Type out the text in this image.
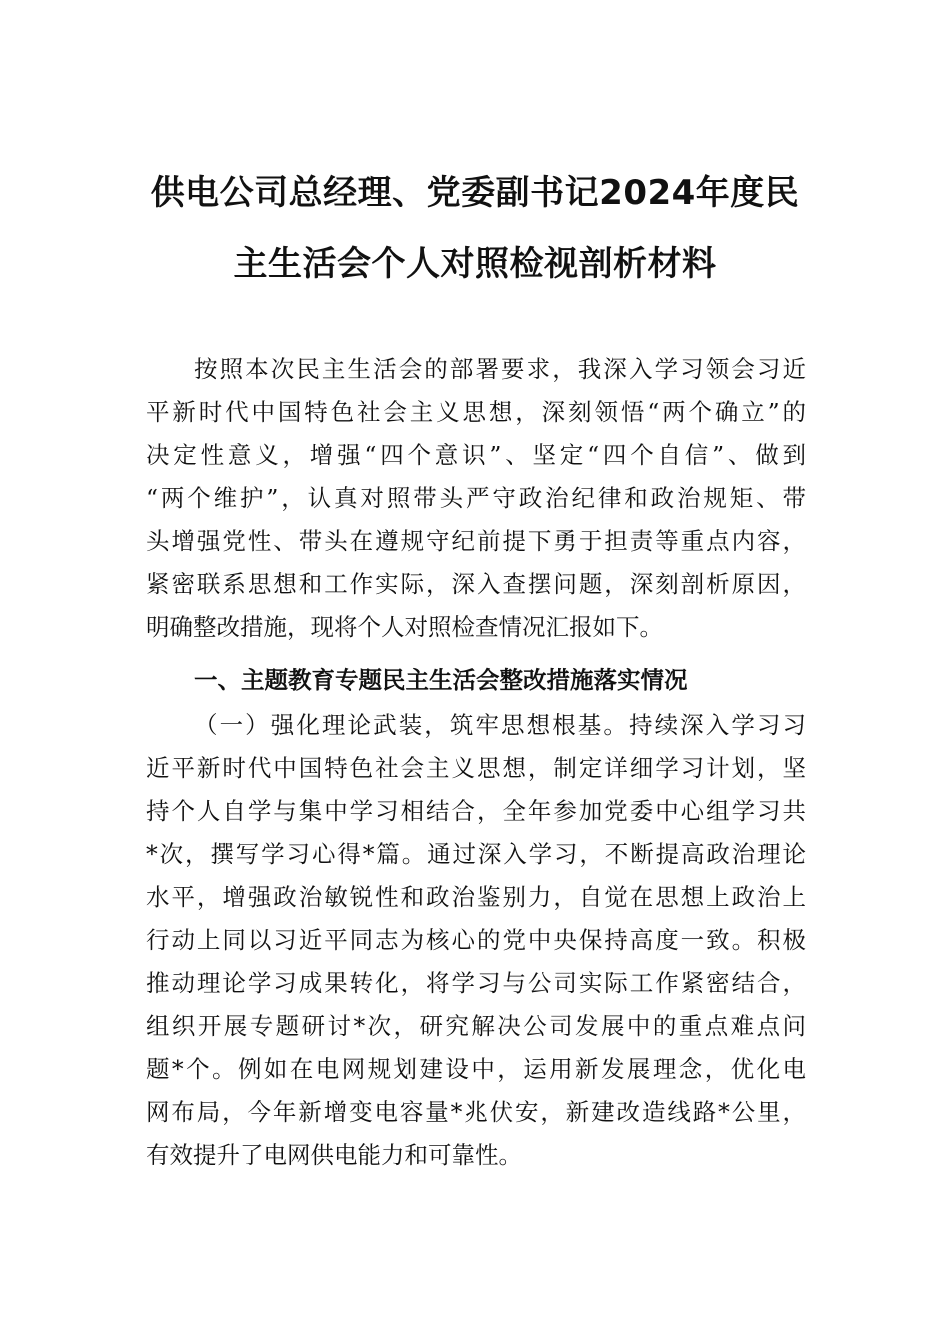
供电公司总经理、党委副书记2024年度民
主生活会个人对照检视剖析材料

按照本次民主生活会的部署要求，我深入学习领会习近

平新时代中国特色社会主义思想，深刻领悟“两个确立”的

决定性意义，增强“四个意识”、坚定“四个自信”、做到

“两个维护”，认真对照带头严守政治纪律和政治规矩、带

头增强党性、带头在遵规守纪前提下勇于担责等重点内容，

紧密联系思想和工作实际，深入查摆问题，深刻剖析原因，

明确整改措施，现将个人对照检查情况汇报如下。

一、主题教育专题民主生活会整改措施落实情况

（一）强化理论武装，筑牢思想根基。持续深入学习习

近平新时代中国特色社会主义思想，制定详细学习计划，坚

持个人自学与集中学习相结合，全年参加党委中心组学习共

*次，撰写学习心得*篇。通过深入学习，不断提高政治理论

水平，增强政治敏锐性和政治鉴别力，自觉在思想上政治上

行动上同以习近平同志为核心的党中央保持高度一致。积极

推动理论学习成果转化，将学习与公司实际工作紧密结合，

组织开展专题研讨*次，研究解决公司发展中的重点难点问

题*个。例如在电网规划建设中，运用新发展理念，优化电

网布局，今年新增变电容量*兆伏安，新建改造线路*公里，

有效提升了电网供电能力和可靠性。
